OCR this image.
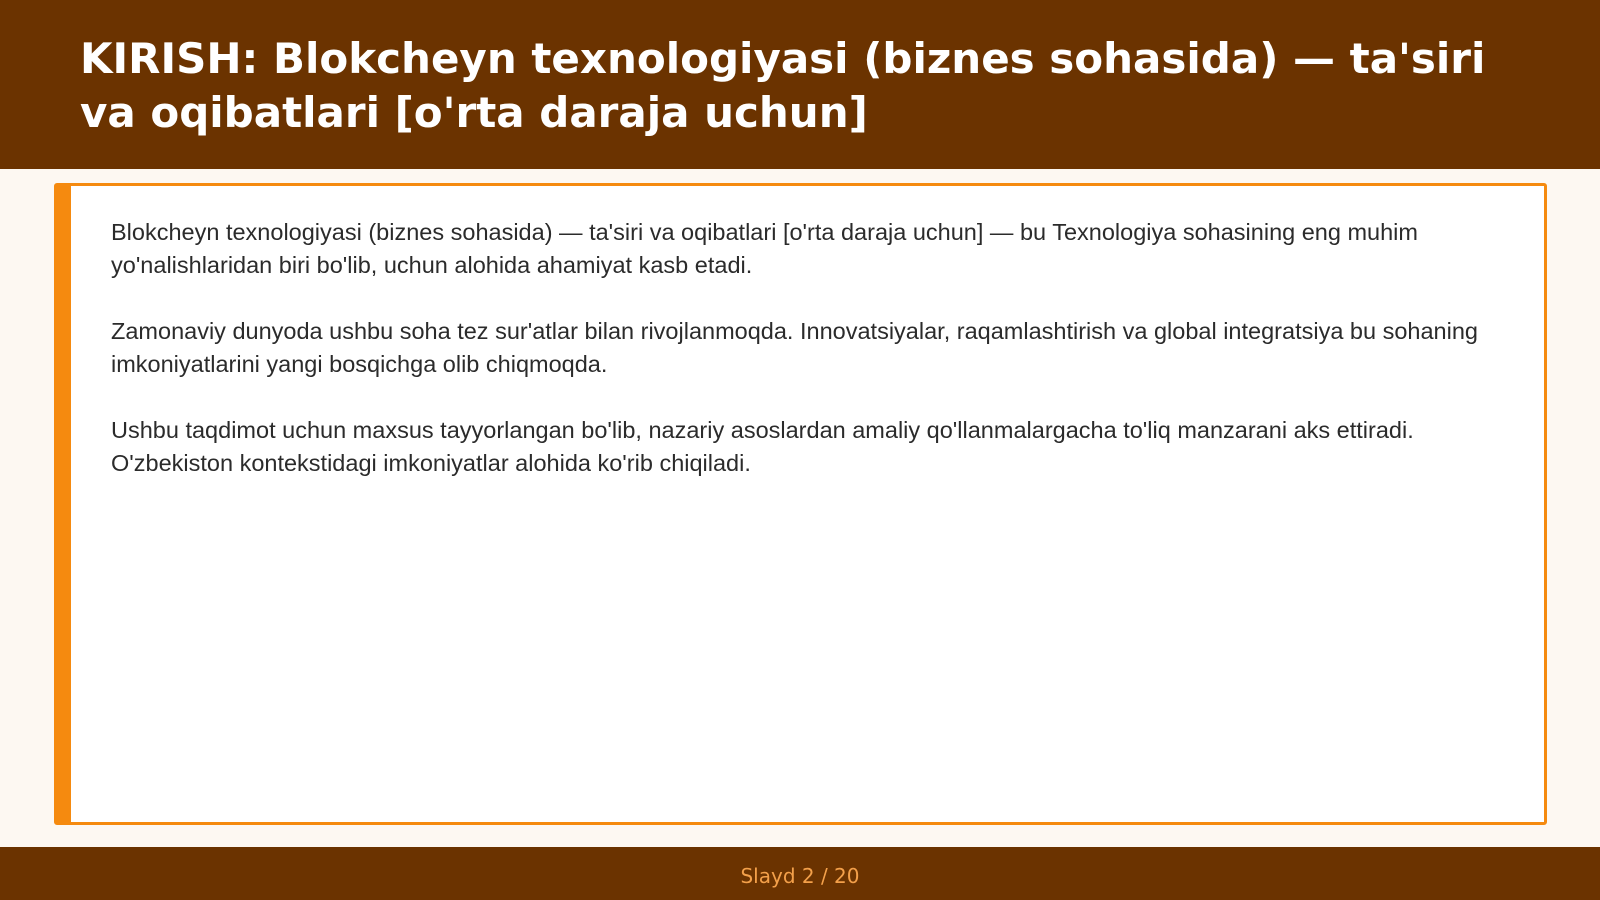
KIRISH: Blokcheyn texnologiyasi (biznes sohasida) — ta'siri va oqibatlari [o'rta daraja uchun]

Blokcheyn texnologiyasi (biznes sohasida) — ta'siri va oqibatlari [o'rta daraja uchun] — bu Texnologiya sohasining eng muhim yo'nalishlaridan biri bo'lib, uchun alohida ahamiyat kasb etadi.

Zamonaviy dunyoda ushbu soha tez sur'atlar bilan rivojlanmoqda. Innovatsiyalar, raqamlashtirish va global integratsiya bu sohaning imkoniyatlarini yangi bosqichga olib chiqmoqda.

Ushbu taqdimot uchun maxsus tayyorlangan bo'lib, nazariy asoslardan amaliy qo'llanmalargacha to'liq manzarani aks ettiradi. O'zbekiston kontekstidagi imkoniyatlar alohida ko'rib chiqiladi.

Slayd 2 / 20
